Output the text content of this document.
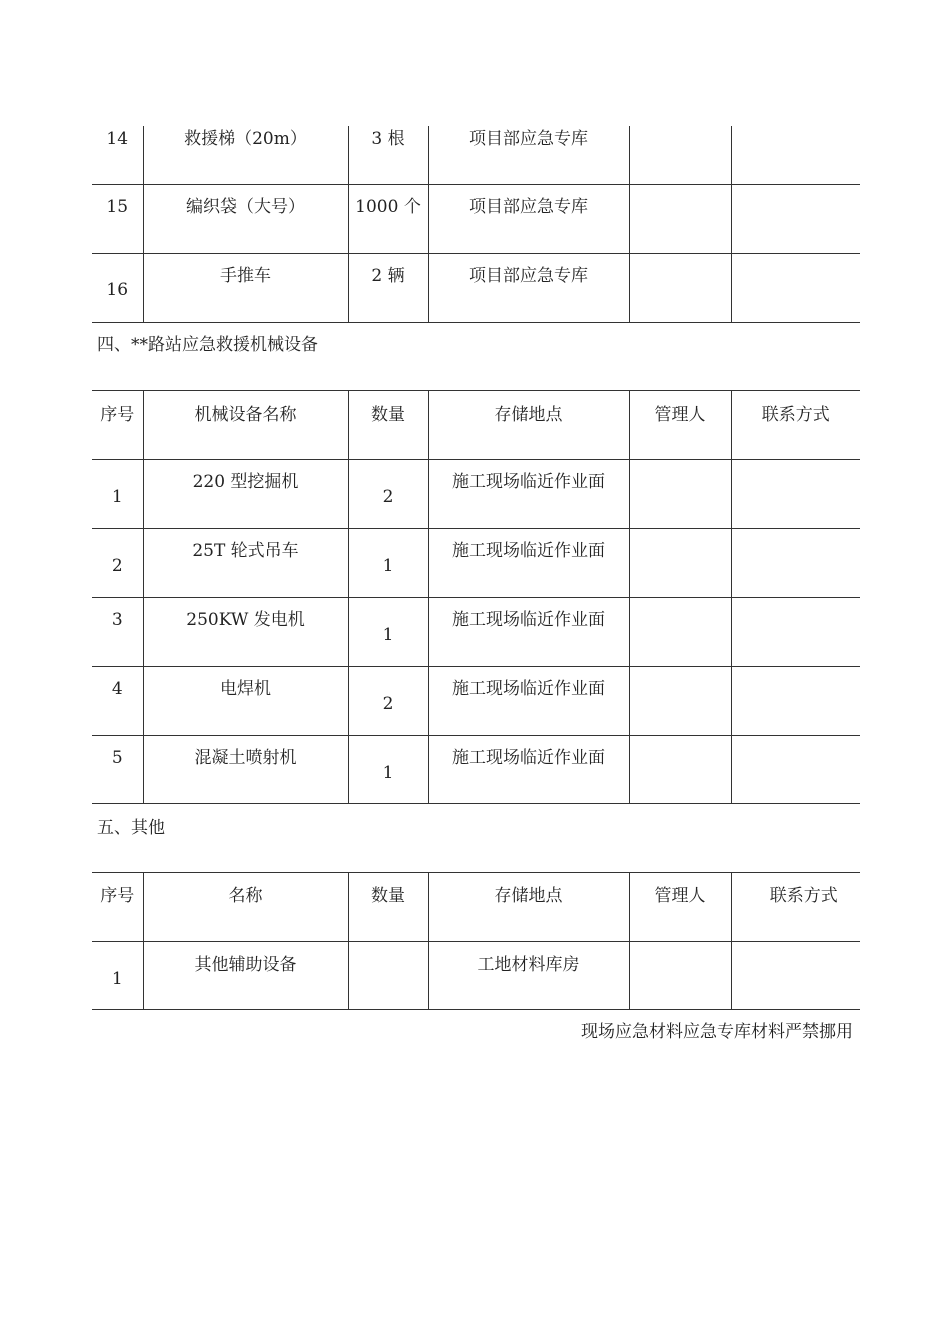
14	救援梯（20m）	3 根	项目部应急专库		

15	编织袋（大号）	1000 个	项目部应急专库		

16	手推车	2 辆	项目部应急专库		

四、**路站应急救援机械设备
序号	机械设备名称	数量	存储地点	管理人	联系方式

1	220 型挖掘机	2	施工现场临近作业面		

2	25T 轮式吊车	1	施工现场临近作业面		

3	250KW 发电机	1	施工现场临近作业面		

4	电焊机	2	施工现场临近作业面		

5	混凝土喷射机	1	施工现场临近作业面		

五、其他
序号	名称	数量	存储地点	管理人	联系方式

1	其他辅助设备		工地材料库房		

现场应急材料应急专库材料严禁挪用
